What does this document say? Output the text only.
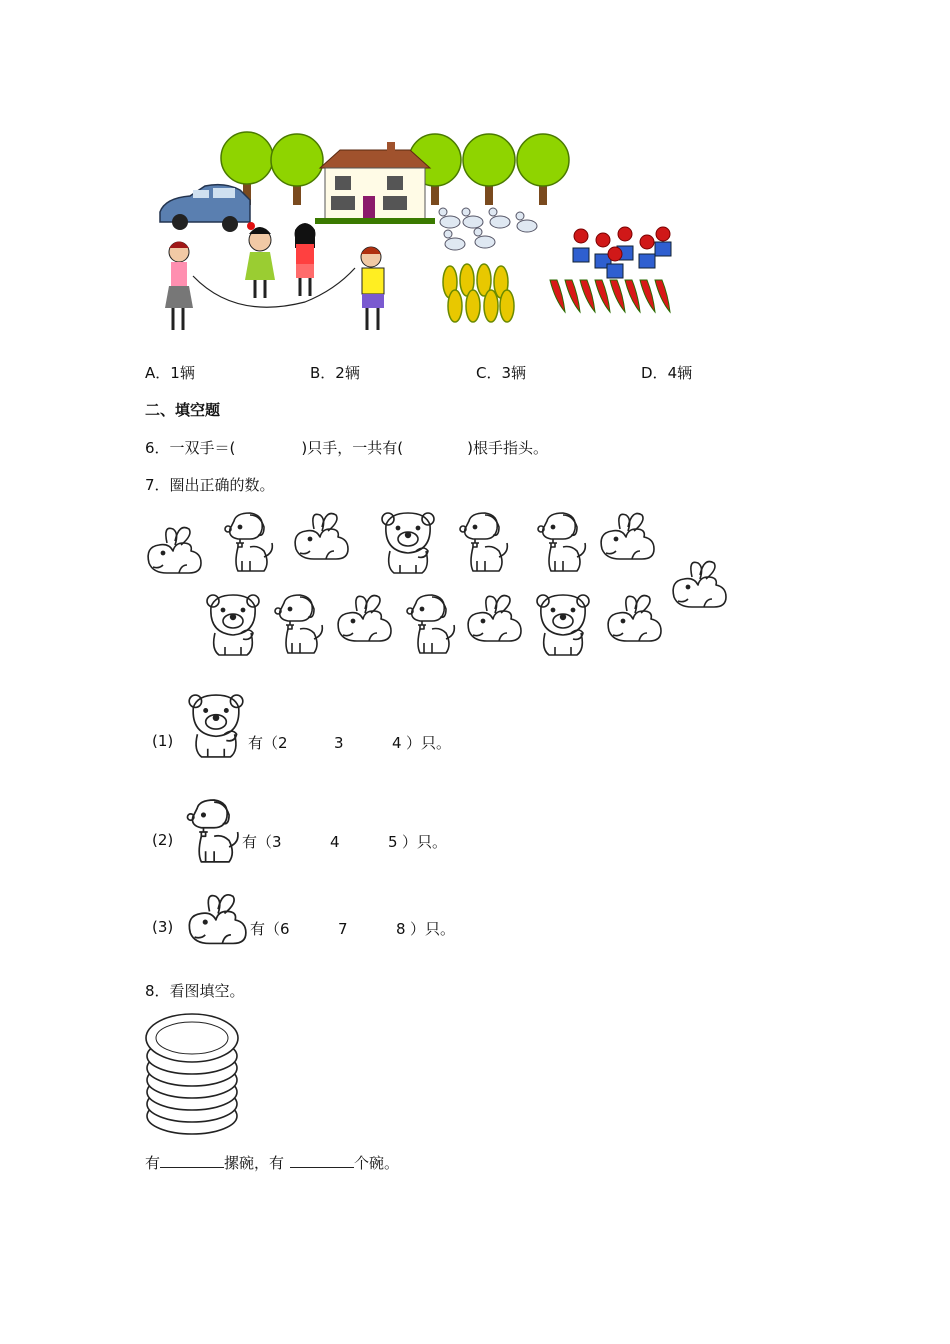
A．1辆	B．2辆	C．3辆	D．4辆
二、填空题
6．一双手＝(	)只手，一共有(	)根手指头。
7．圈出正确的数。
(1)	有（2	3	4 ）只。
(2)	有（3	4	5 ）只。
(3)	有（6	7	8 ）只。
8．看图填空。
有	摞碗，有	个碗。
